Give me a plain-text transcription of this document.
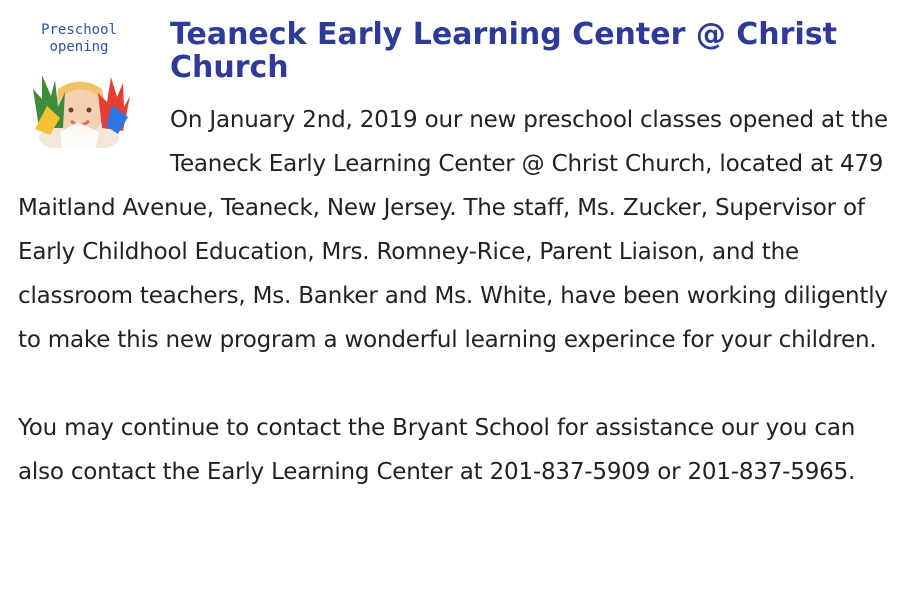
Preschool
opening	Teaneck Early Learning Center @ Christ Church

On January 2nd, 2019 our new preschool classes opened at the Teaneck Early Learning Center @ Christ Church, located at 479 Maitland Avenue, Teaneck, New Jersey. The staff, Ms. Zucker, Supervisor of Early Childhool Education, Mrs. Romney-Rice, Parent Liaison, and the classroom teachers, Ms. Banker and Ms. White, have been working diligently to make this new program a wonderful learning experince for your children.
You may continue to contact the Bryant School for assistance our you can also contact the Early Learning Center at 201-837-5909 or 201-837-5965.
